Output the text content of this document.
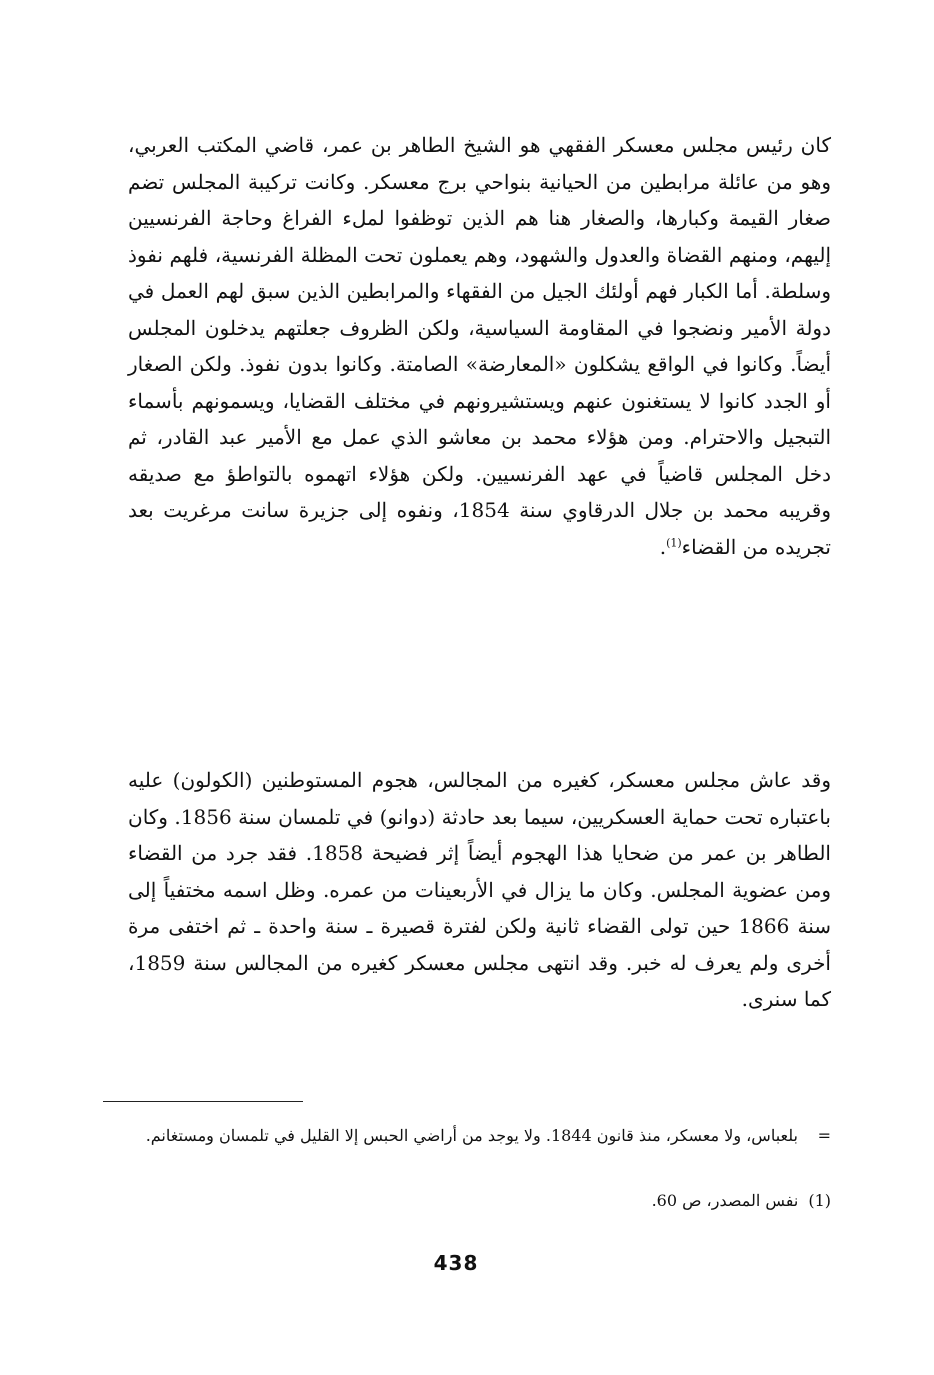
كان رئيس مجلس معسكر الفقهي هو الشيخ الطاهر بن عمر، قاضي المكتب العربي، وهو من عائلة مرابطين من الحيانية بنواحي برج معسكر. وكانت تركيبة المجلس تضم صغار القيمة وكبارها، والصغار هنا هم الذين توظفوا لملء الفراغ وحاجة الفرنسيين إليهم، ومنهم القضاة والعدول والشهود، وهم يعملون تحت المظلة الفرنسية، فلهم نفوذ وسلطة. أما الكبار فهم أولئك الجيل من الفقهاء والمرابطين الذين سبق لهم العمل في دولة الأمير ونضجوا في المقاومة السياسية، ولكن الظروف جعلتهم يدخلون المجلس أيضاً. وكانوا في الواقع يشكلون «المعارضة» الصامتة. وكانوا بدون نفوذ. ولكن الصغار أو الجدد كانوا لا يستغنون عنهم ويستشيرونهم في مختلف القضايا، ويسمونهم بأسماء التبجيل والاحترام. ومن هؤلاء محمد بن معاشو الذي عمل مع الأمير عبد القادر، ثم دخل المجلس قاضياً في عهد الفرنسيين. ولكن هؤلاء اتهموه بالتواطؤ مع صديقه وقريبه محمد بن جلال الدرقاوي سنة 1854، ونفوه إلى جزيرة سانت مرغريت بعد تجريده من القضاء$^{(1)}$.

وقد عاش مجلس معسكر، كغيره من المجالس، هجوم المستوطنين (الكولون) عليه باعتباره تحت حماية العسكريين، سيما بعد حادثة (دوانو) في تلمسان سنة 1856. وكان الطاهر بن عمر من ضحايا هذا الهجوم أيضاً إثر فضيحة 1858. فقد جرد من القضاء ومن عضوية المجلس. وكان ما يزال في الأربعينات من عمره. وظل اسمه مختفياً إلى سنة 1866 حين تولى القضاء ثانية ولكن لفترة قصيرة ـ سنة واحدة ـ ثم اختفى مرة أخرى ولم يعرف له خبر. وقد انتهى مجلس معسكر كغيره من المجالس سنة 1859، كما سنرى.

=
بلعباس، ولا معسكر، منذ قانون 1844. ولا يوجد من أراضي الحبس إلا القليل في تلمسان ومستغانم.
(1)نفس المصدر، ص 60.
438
